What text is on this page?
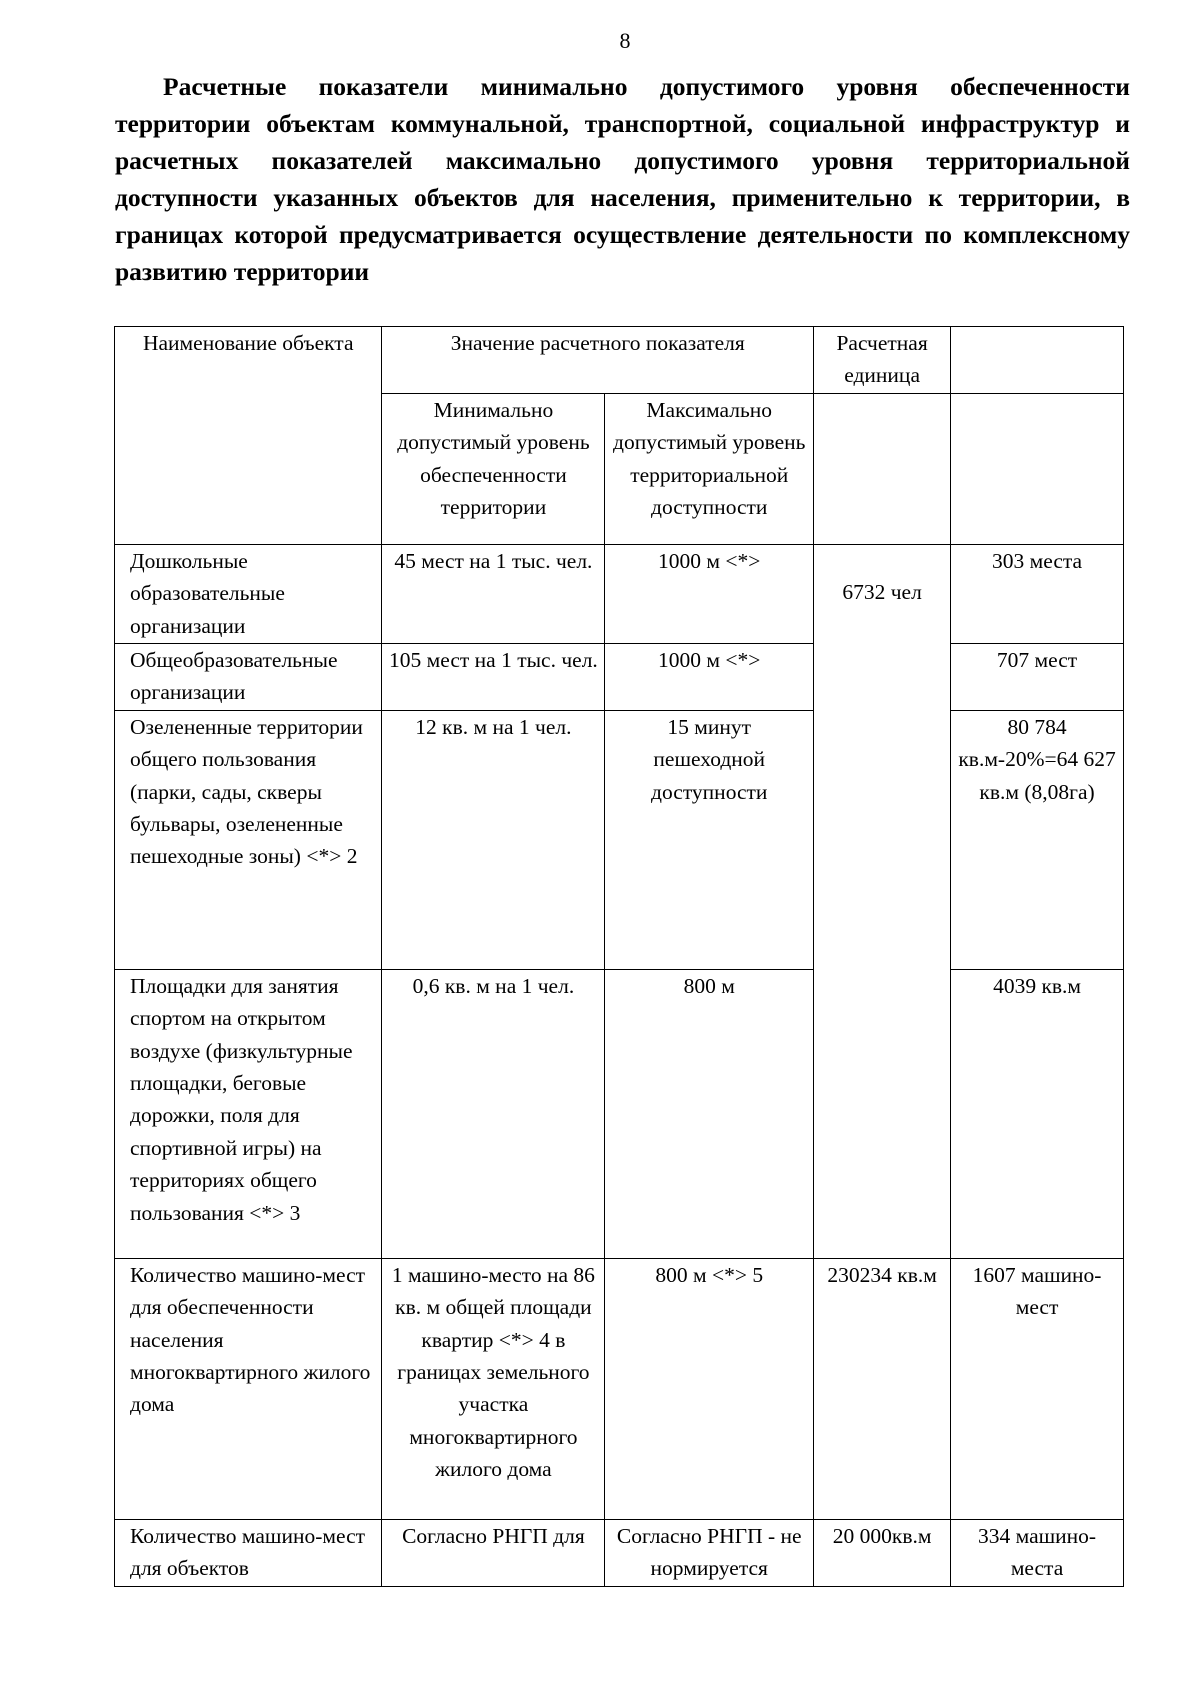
8
Расчетные показатели минимально допустимого уровня обеспеченности территории объектам коммунальной, транспортной, социальной инфраструктур и расчетных показателей максимально допустимого уровня территориальной доступности указанных объектов для населения, применительно к территории, в границах которой предусматривается осуществление деятельности по комплексному развитию территории
Наименование объекта	Значение расчетного показателя		Расчетная единица	
	Минимально допустимый уровень обеспеченности территории	Максимально допустимый уровень территориальной доступности		
Дошкольные образовательные организации	45 мест на 1 тыс. чел.	1000 м <*>	6732 чел	303 места
Общеобразовательные организации	105 мест на 1 тыс. чел.	1000 м <*>		707 мест
Озелененные территории общего пользования (парки, сады, скверы бульвары, озелененные пешеходные зоны) <*> 2	12 кв. м на 1 чел.	15 минут пешеходной доступности		80 784 кв.м-20%=64 627 кв.м (8,08га)
Площадки для занятия спортом на открытом воздухе (физкультурные площадки, беговые дорожки, поля для спортивной игры) на территориях общего пользования <*> 3	0,6 кв. м на 1 чел.	800 м		4039 кв.м
Количество машино-мест для обеспеченности населения многоквартирного жилого дома	1 машино-место на 86 кв. м общей площади квартир <*> 4 в границах земельного участка многоквартирного жилого дома	800 м <*> 5	230234 кв.м	1607 машино-мест
Количество машино-мест для объектов	Согласно РНГП для	Согласно РНГП - не нормируется	20 000кв.м	334 машино-места
